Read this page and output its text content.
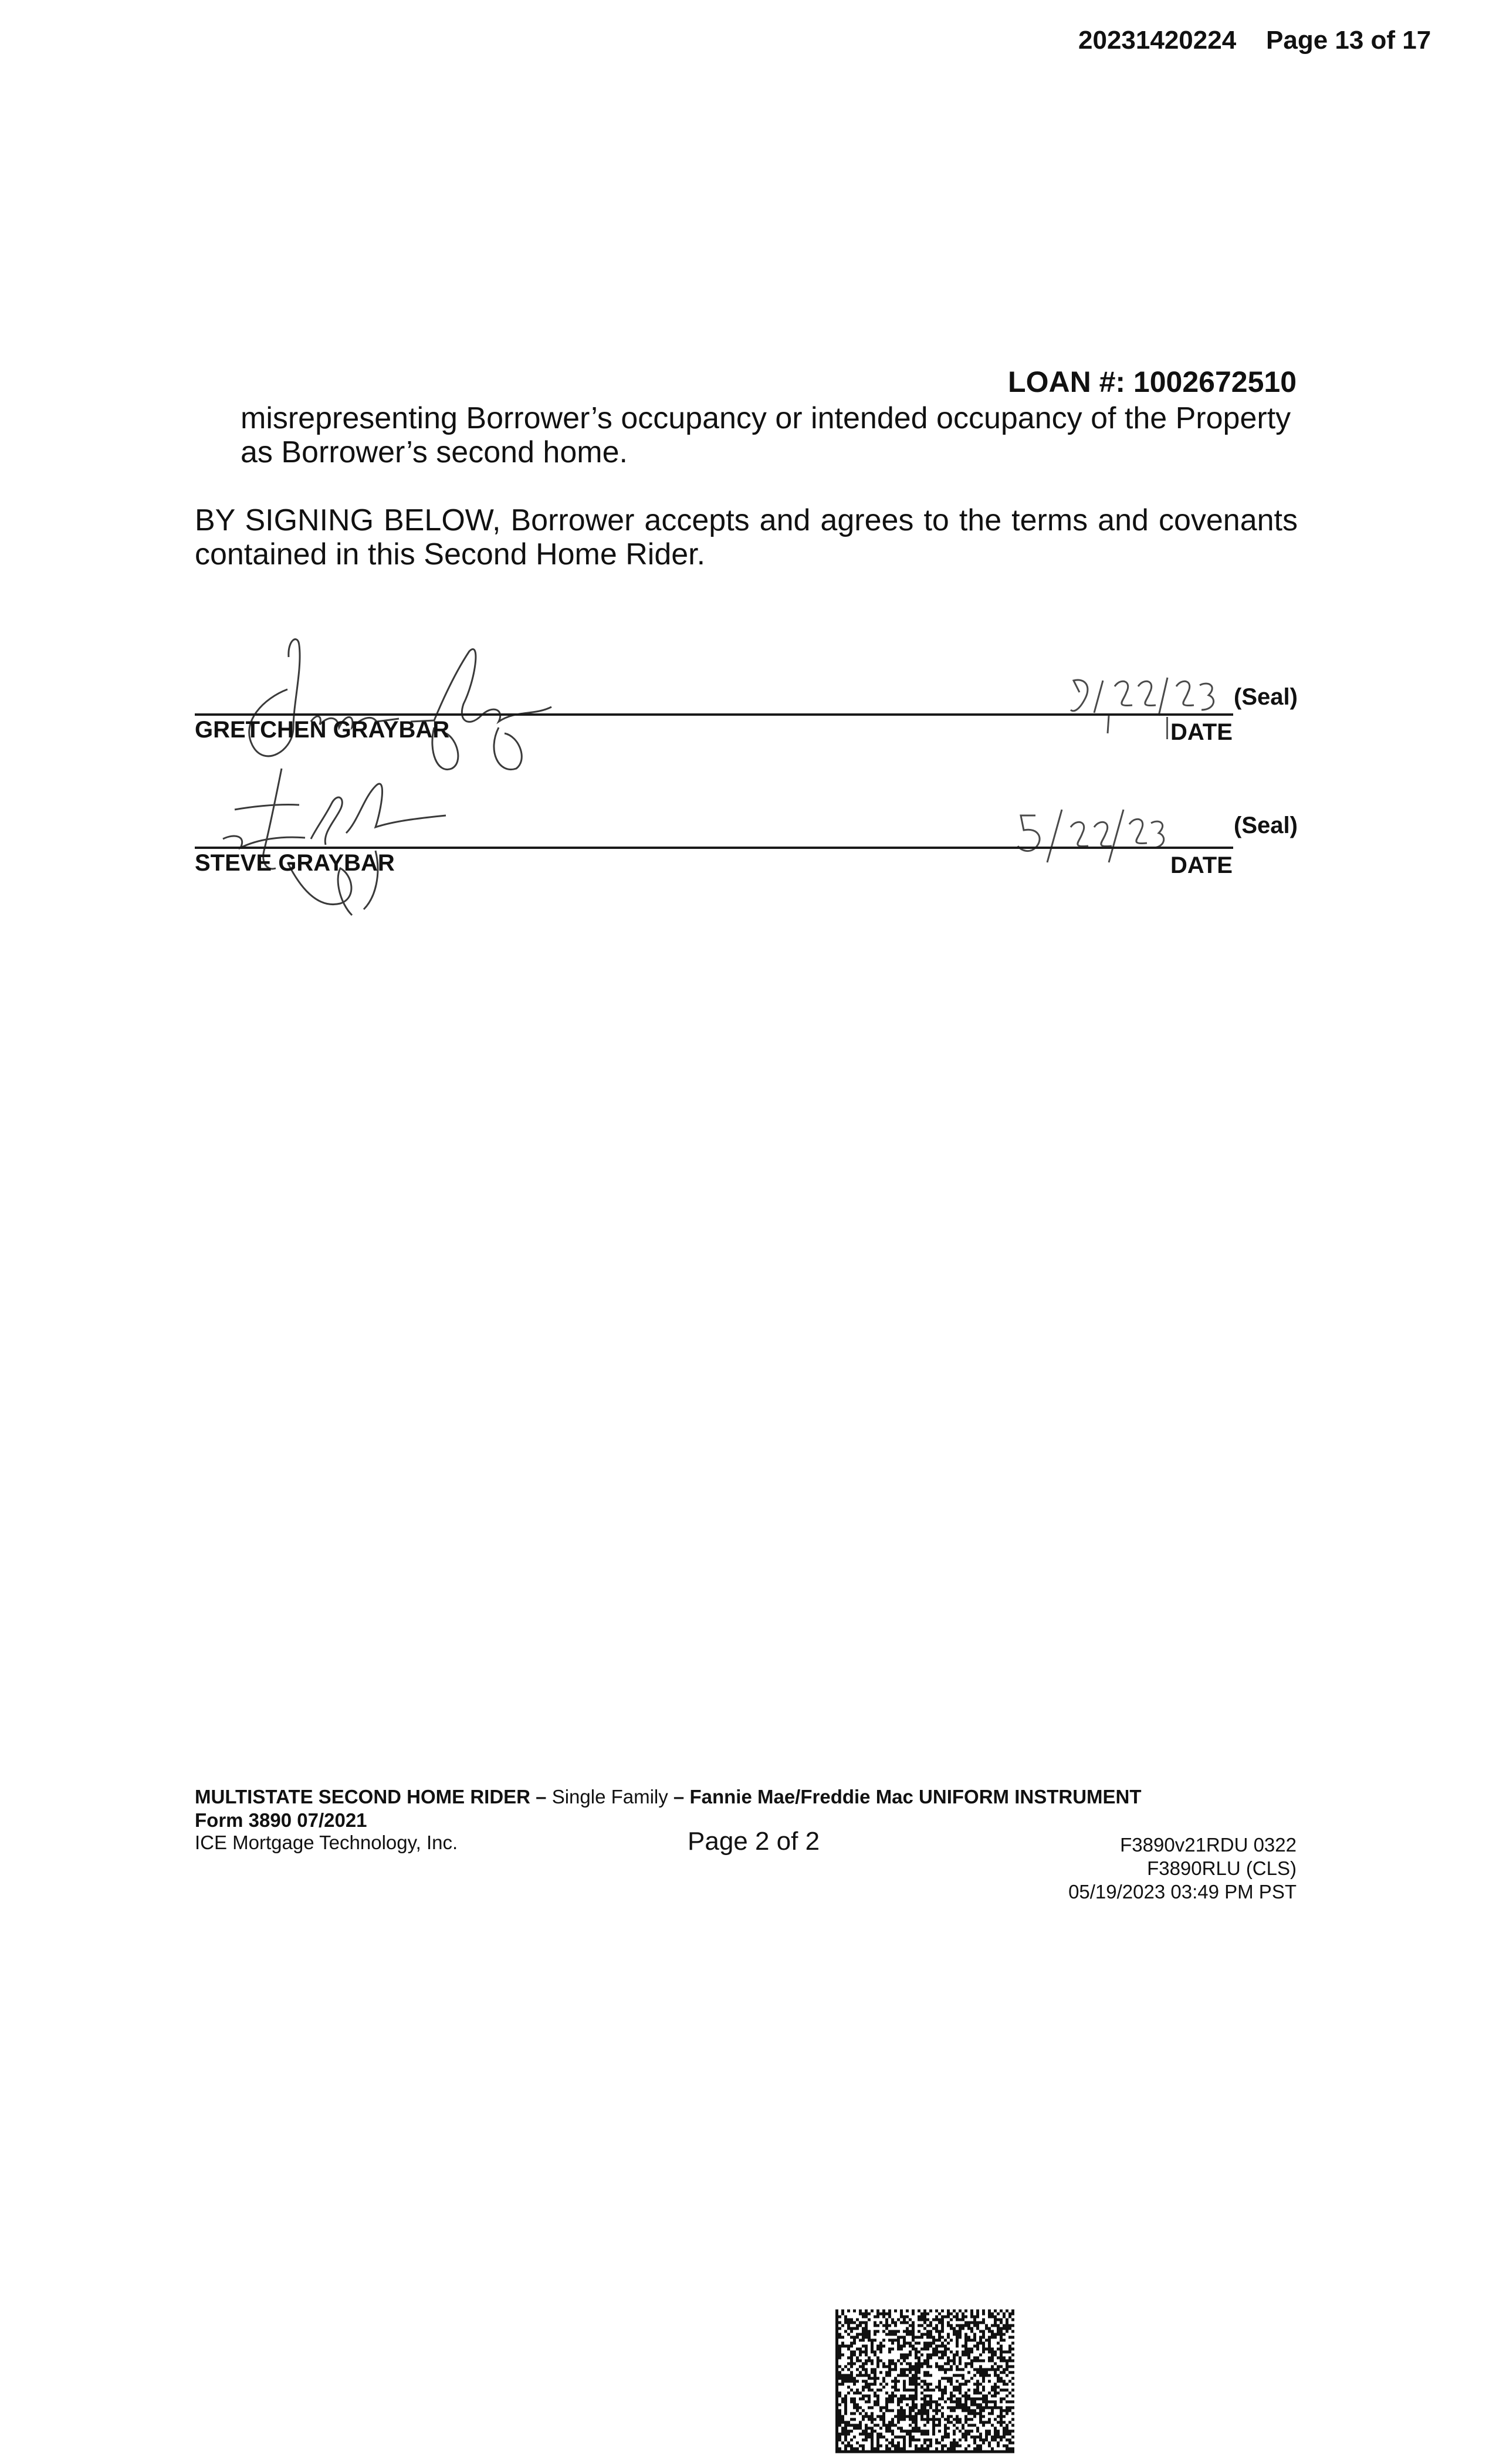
20231420224 Page 13 of 17
LOAN #: 1002672510
misrepresenting Borrower’s occupancy or intended occupancy of the Property
as Borrower’s second home.
BY SIGNING BELOW, Borrower accepts and agrees to the terms and covenants
contained in this Second Home Rider.
(Seal)
GRETCHEN GRAYBAR	DATE
(Seal)
STEVE GRAYBAR	DATE
MULTISTATE SECOND HOME RIDER – Single Family – Fannie Mae/Freddie Mac UNIFORM INSTRUMENT
Form 3890 07/2021
ICE Mortgage Technology, Inc.	Page 2 of 2	F3890v21RDU 0322
F3890RLU (CLS)
05/19/2023 03:49 PM PST
